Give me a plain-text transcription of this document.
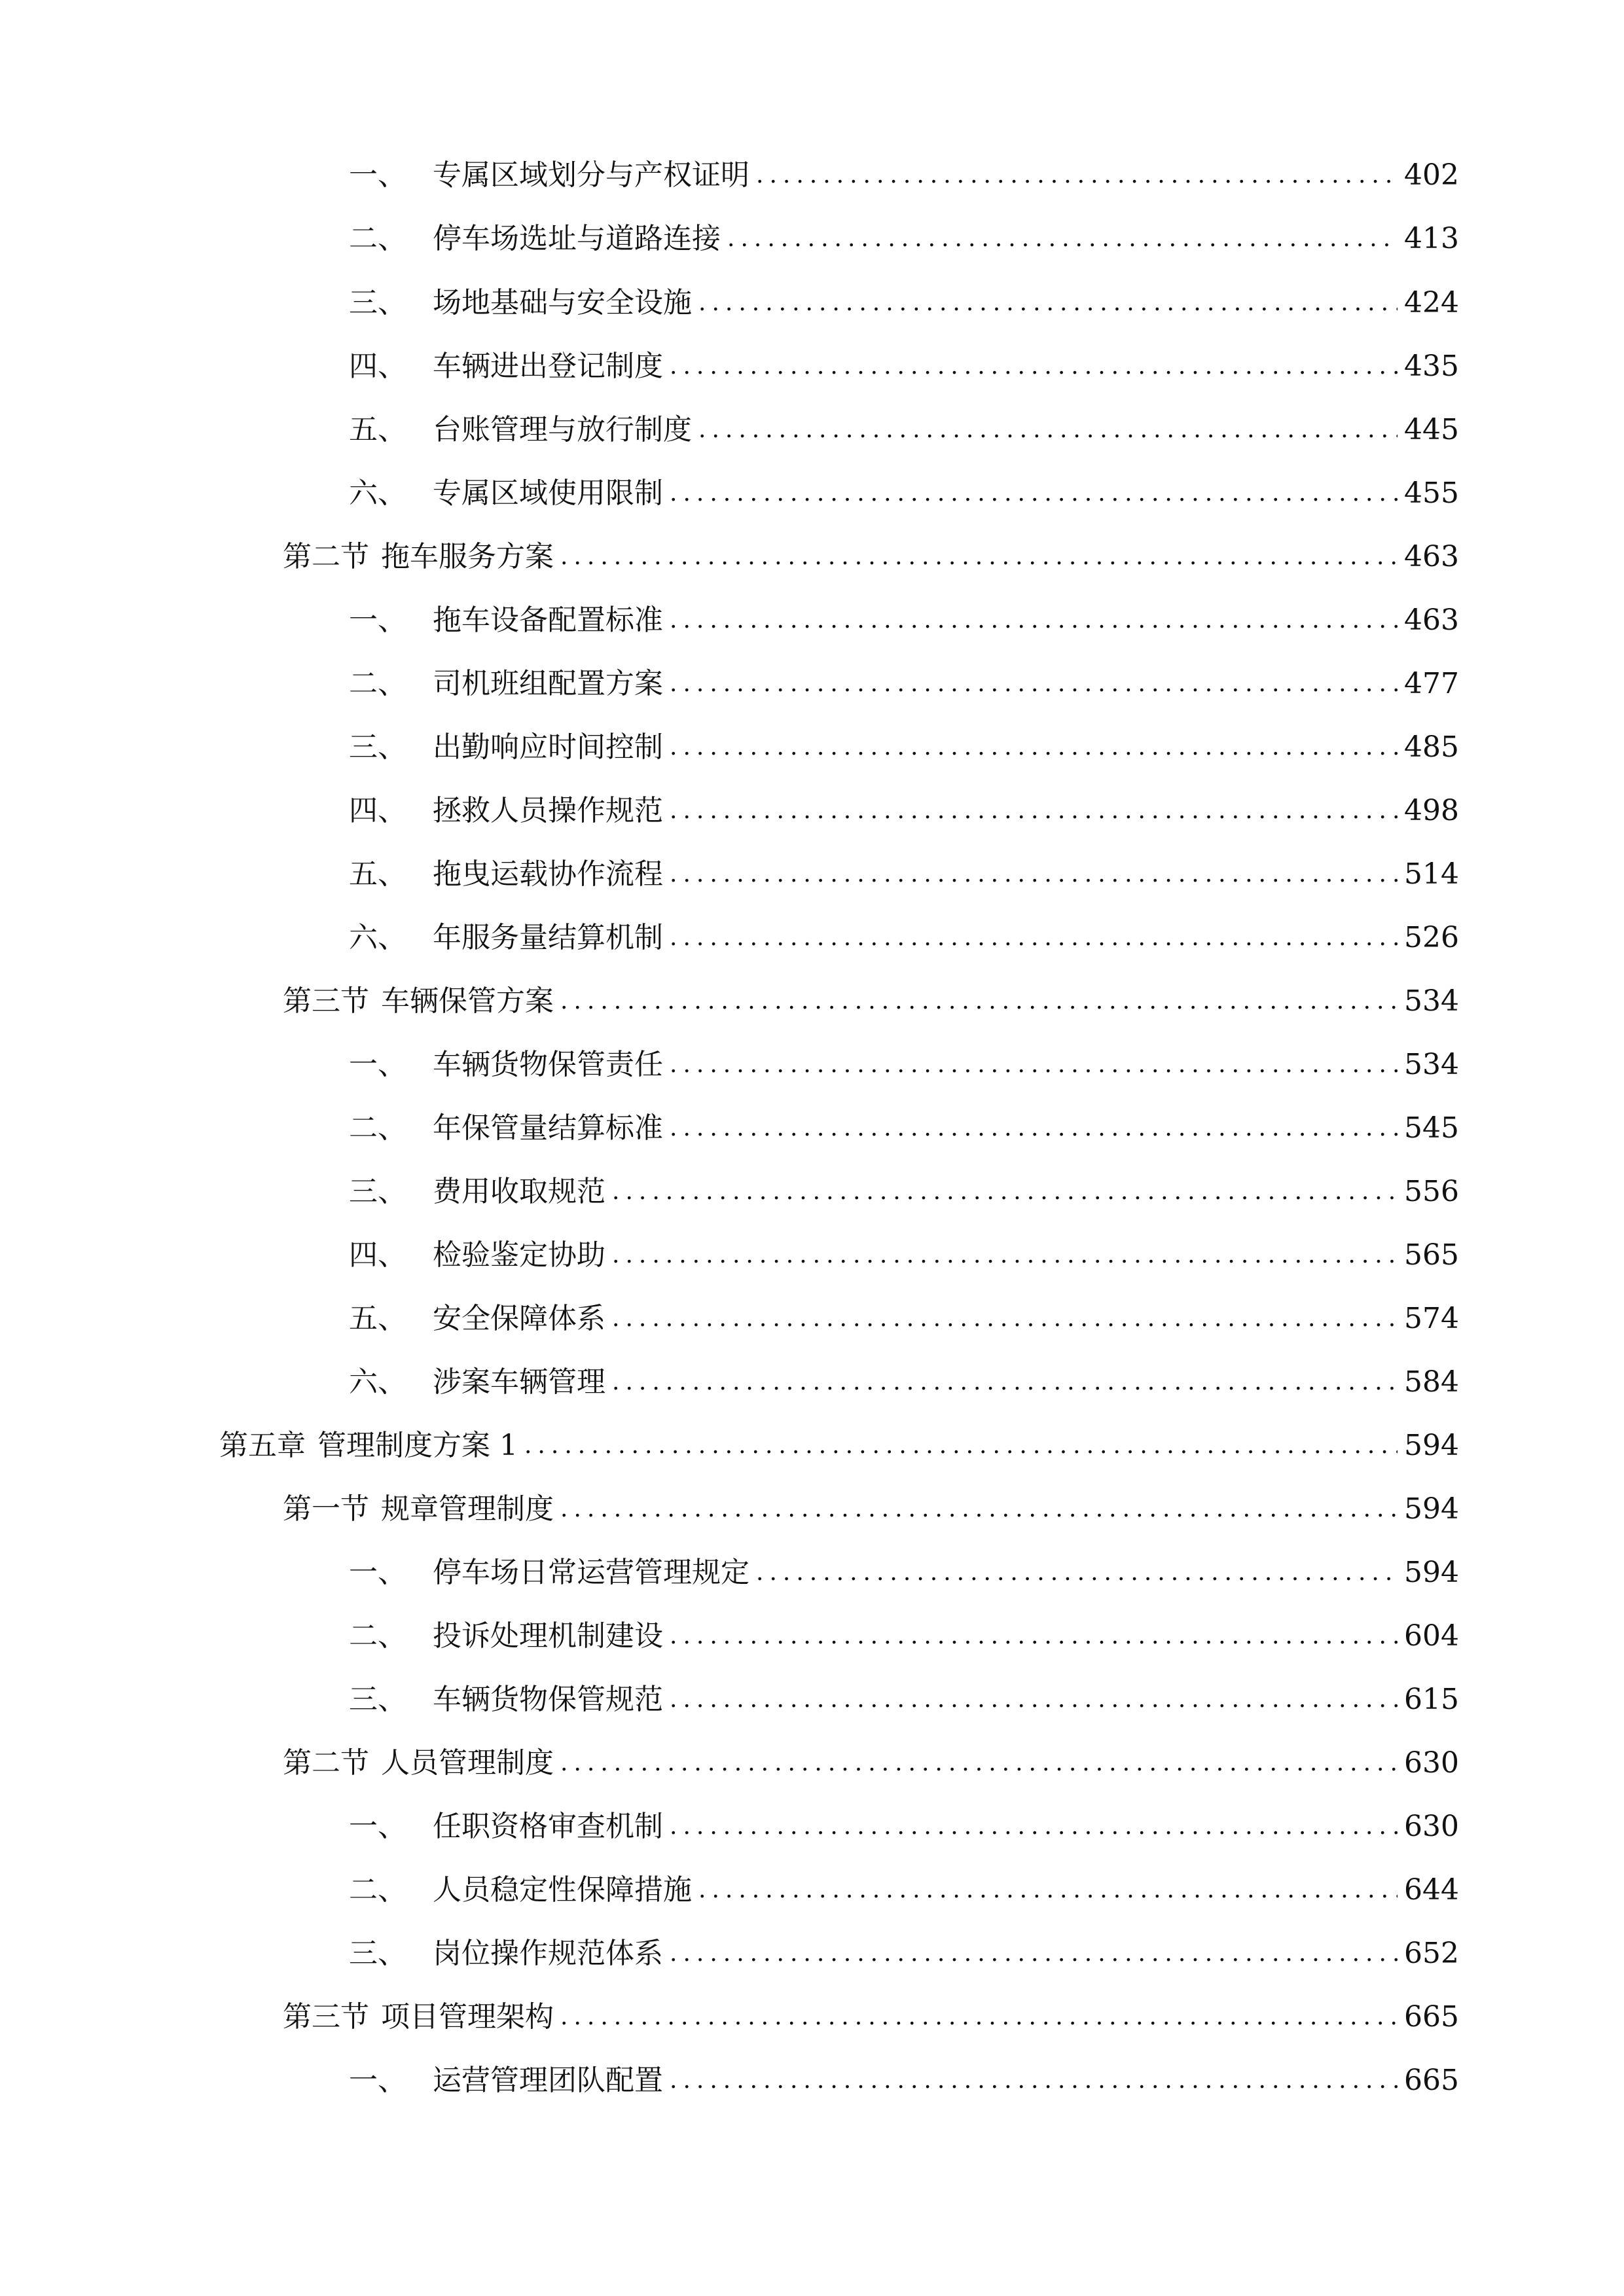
一、 专属区域划分与产权证明 .....	402
二、 停车场选址与道路连接 .....	413
三、 场地基础与安全设施 .....	424
四、 车辆进出登记制度 .....	435
五、 台账管理与放行制度 .....	445
六、 专属区域使用限制 .....	455
第二节 拖车服务方案 .....	463
一、 拖车设备配置标准 .....	463
二、 司机班组配置方案 .....	477
三、 出勤响应时间控制 .....	485
四、 拯救人员操作规范 .....	498
五、 拖曳运载协作流程 .....	514
六、 年服务量结算机制 .....	526
第三节 车辆保管方案 .....	534
一、 车辆货物保管责任 .....	534
二、 年保管量结算标准 .....	545
三、 费用收取规范 .....	556
四、 检验鉴定协助 .....	565
五、 安全保障体系 .....	574
六、 涉案车辆管理 .....	584
第五章 管理制度方案 1 .....	594
第一节 规章管理制度 .....	594
一、 停车场日常运营管理规定 .....	594
二、 投诉处理机制建设 .....	604
三、 车辆货物保管规范 .....	615
第二节 人员管理制度 .....	630
一、 任职资格审查机制 .....	630
二、 人员稳定性保障措施 .....	644
三、 岗位操作规范体系 .....	652
第三节 项目管理架构 .....	665
一、 运营管理团队配置 .....	665
